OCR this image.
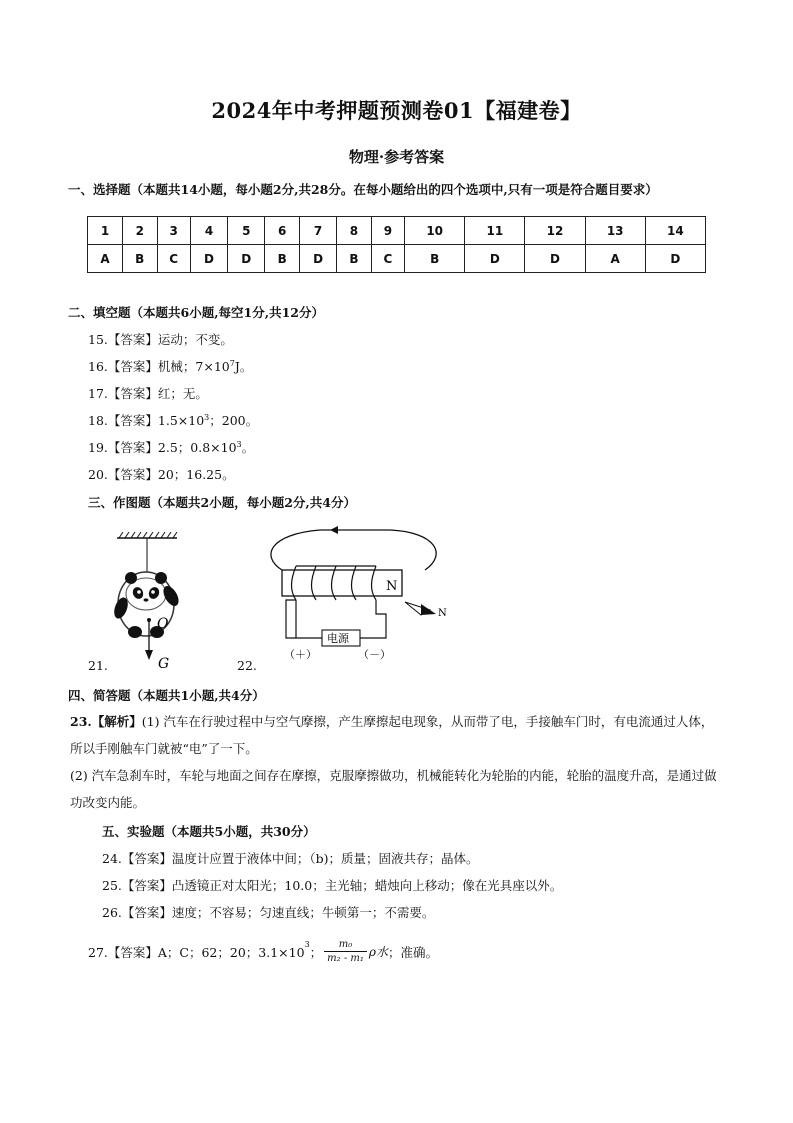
2024年中考押题预测卷01【福建卷】
物理·参考答案
一、选择题（本题共14小题，每小题2分,共28分。在每小题给出的四个选项中,只有一项是符合题目要求）
1	2	3	4	5	6	7	8	9	10	11	12	13	14
A	B	C	D	D	B	D	B	C	B	D	D	A	D
二、填空题（本题共6小题,每空1分,共12分）
15.【答案】运动；不变。
16.【答案】机械；$7\times 10^7J$。
17.【答案】红；无。
18.【答案】$1.5\times 10^3$；200。
19.【答案】2.5；$0.8\times 10^3$。
20.【答案】20；16.25。
三、作图题（本题共2小题，每小题2分,共4分）
O
G
21.
N
电源
（＋）	（－）
N
22.
四、简答题（本题共1小题,共4分）
23.【解析】(1) 汽车在行驶过程中与空气摩擦，产生摩擦起电现象，从而带了电，手接触车门时，有电流通过人体，所以手刚触车门就被“电”了一下。
(2) 汽车急刹车时，车轮与地面之间存在摩擦，克服摩擦做功，机械能转化为轮胎的内能，轮胎的温度升高，是通过做功改变内能。
五、实验题（本题共5小题，共30分）
24.【答案】温度计应置于液体中间；（b)；质量；固液共存；晶体。
25.【答案】凸透镜正对太阳光；10.0；主光轴；蜡烛向上移动；像在光具座以外。
26.【答案】速度；不容易；匀速直线；牛顿第一；不需要。
27.【答案】 A；C；62；20；3.1×10 3 ； $\frac{\text{m₀}}{\text{m₂ - m₁}}$ ρ水 ；准确。
